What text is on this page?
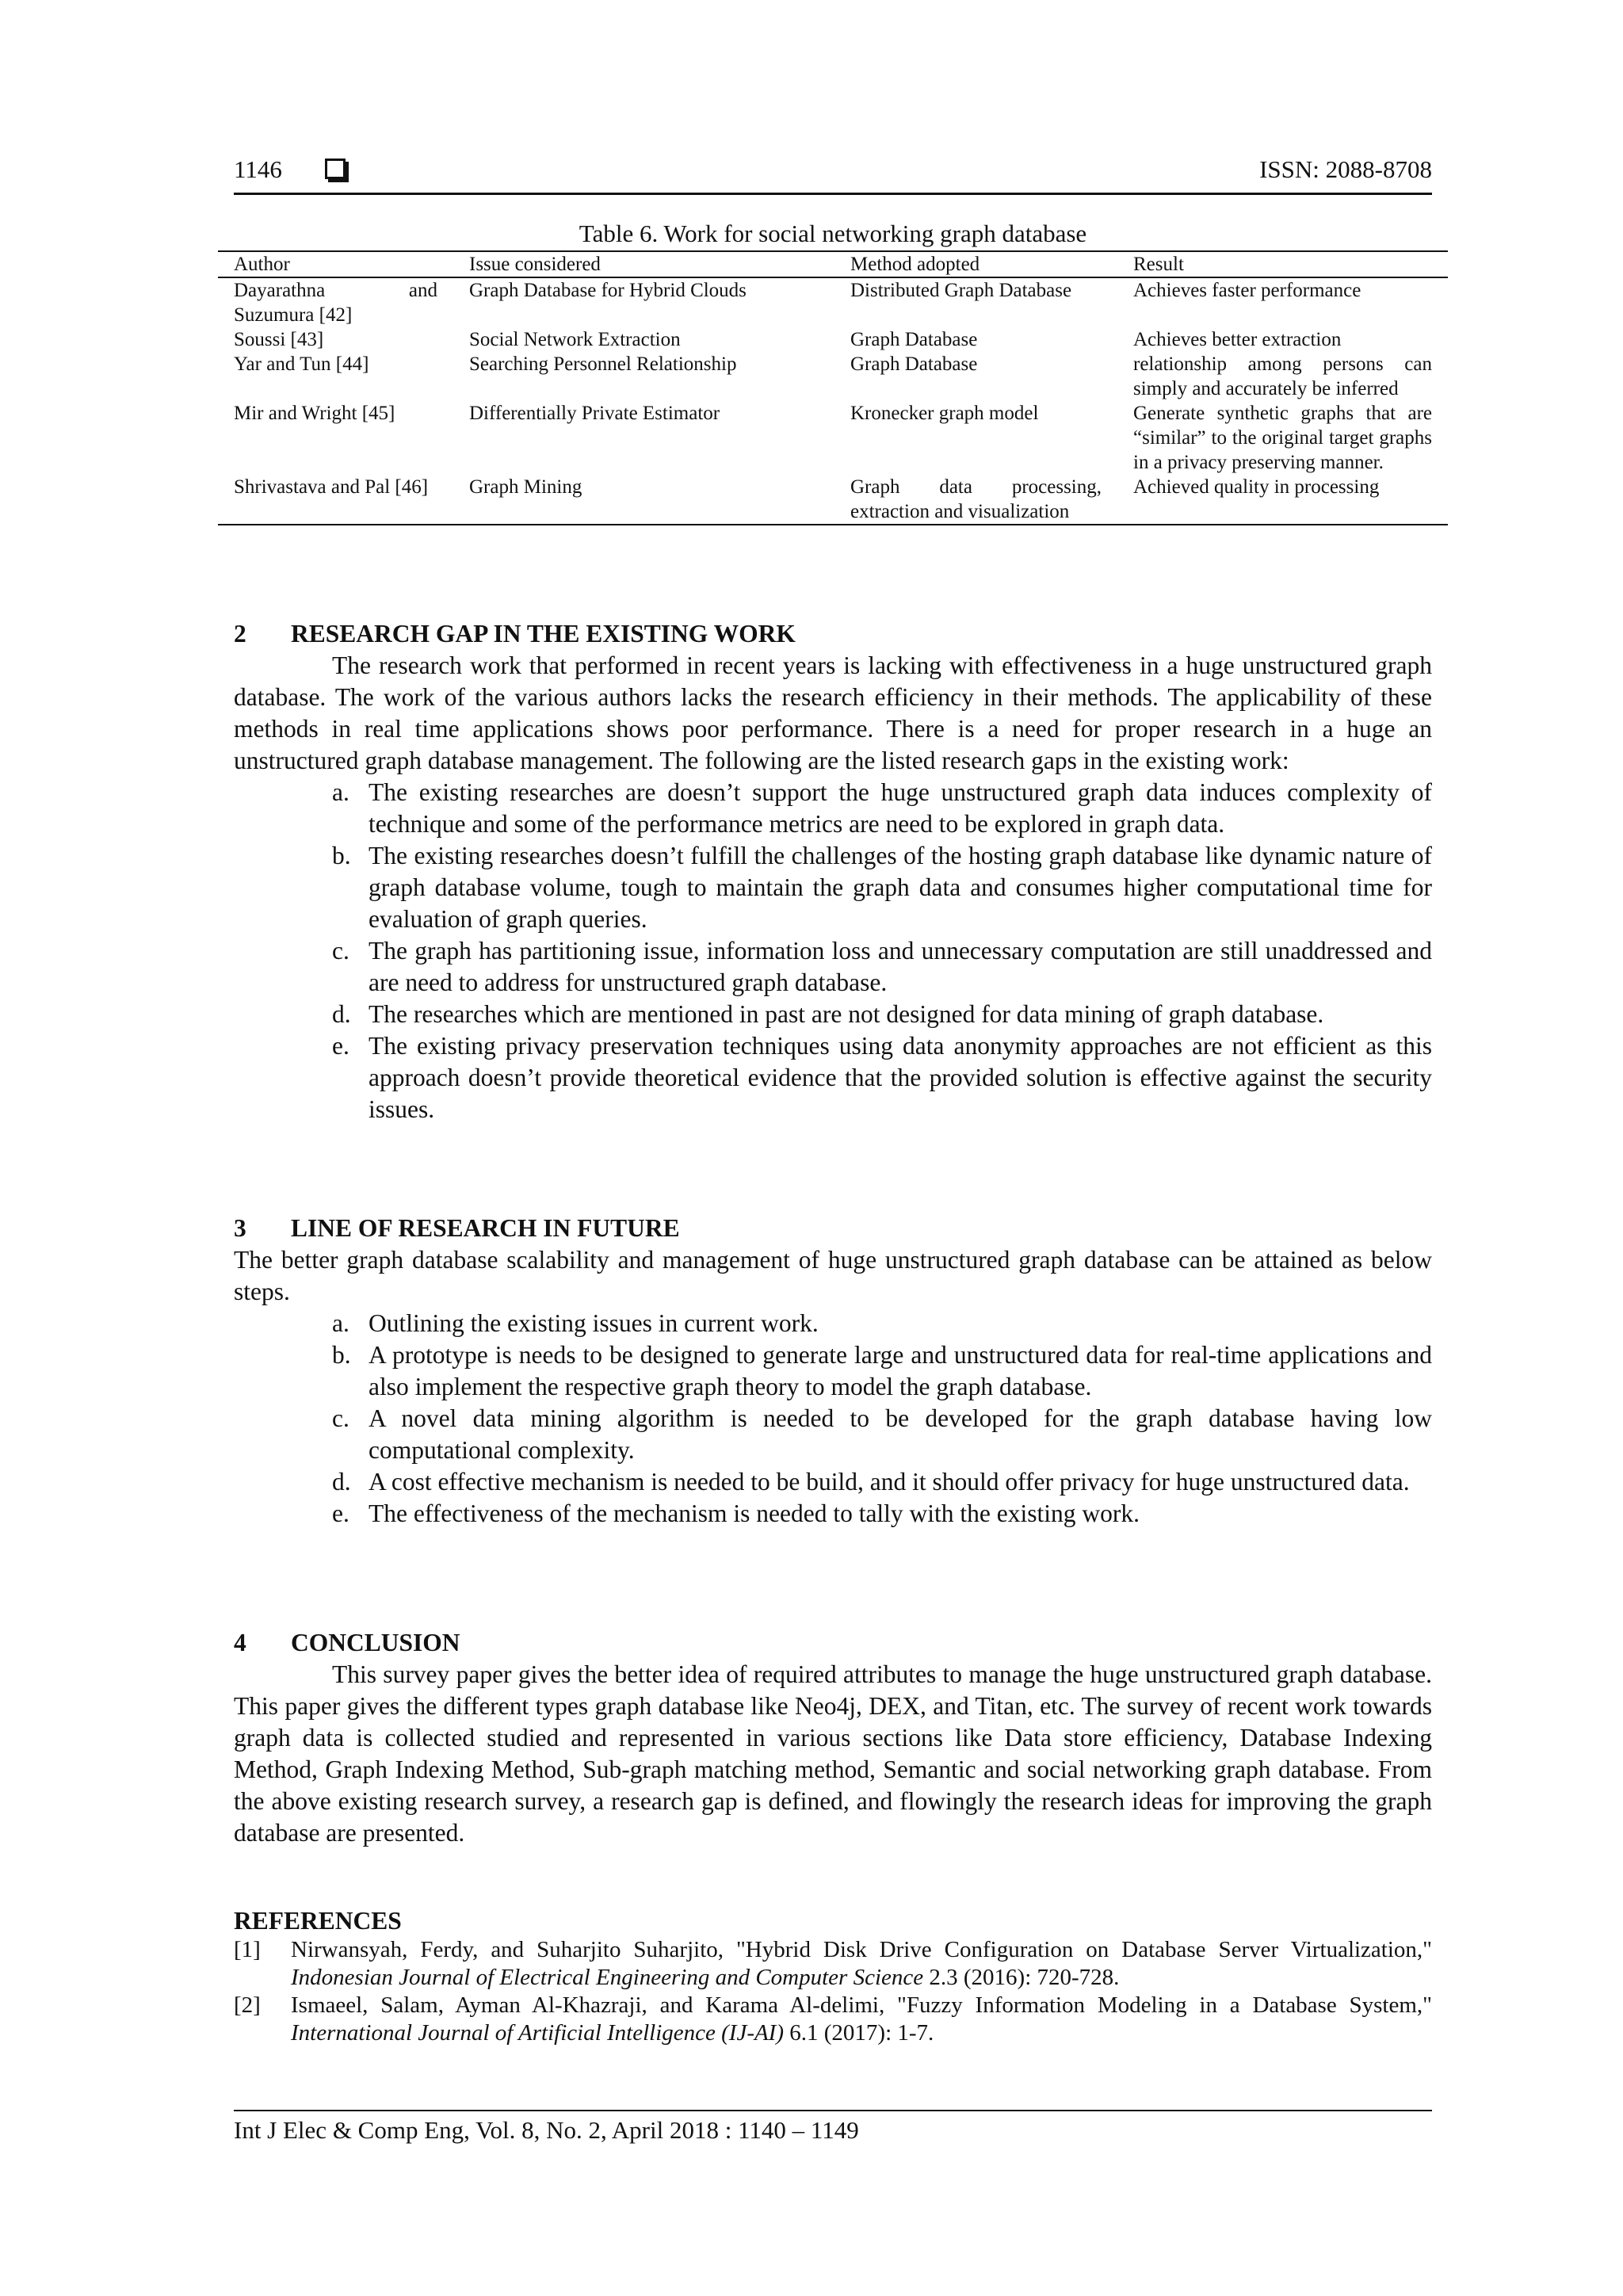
1146	ISSN: 2088-8708
Table 6. Work for social networking graph database
Author	Issue considered	Method adopted	Result
Dayarathna and Suzumura [42]	Graph Database for Hybrid Clouds	Distributed Graph Database	Achieves faster performance
Soussi [43]	Social Network Extraction	Graph Database	Achieves better extraction
Yar and Tun [44]	Searching Personnel Relationship	Graph Database	relationship among persons can simply and accurately be inferred
Mir and Wright [45]	Differentially Private Estimator	Kronecker graph model	Generate synthetic graphs that are “similar” to the original target graphs in a privacy preserving manner.
Shrivastava and Pal [46]	Graph Mining	Graph data processing, extraction and visualization	Achieved quality in processing
2 RESEARCH GAP IN THE EXISTING WORK

The research work that performed in recent years is lacking with effectiveness in a huge unstructured graph database. The work of the various authors lacks the research efficiency in their methods. The applicability of these methods in real time applications shows poor performance. There is a need for proper research in a huge an unstructured graph database management. The following are the listed research gaps in the existing work:

a. The existing researches are doesn’t support the huge unstructured graph data induces complexity of technique and some of the performance metrics are need to be explored in graph data.
b. The existing researches doesn’t fulfill the challenges of the hosting graph database like dynamic nature of graph database volume, tough to maintain the graph data and consumes higher computational time for evaluation of graph queries.
c. The graph has partitioning issue, information loss and unnecessary computation are still unaddressed and are need to address for unstructured graph database.
d. The researches which are mentioned in past are not designed for data mining of graph database.
e. The existing privacy preservation techniques using data anonymity approaches are not efficient as this approach doesn’t provide theoretical evidence that the provided solution is effective against the security issues.
3 LINE OF RESEARCH IN FUTURE

The better graph database scalability and management of huge unstructured graph database can be attained as below steps.

a. Outlining the existing issues in current work.
b. A prototype is needs to be designed to generate large and unstructured data for real-time applications and also implement the respective graph theory to model the graph database.
c. A novel data mining algorithm is needed to be developed for the graph database having low computational complexity.
d. A cost effective mechanism is needed to be build, and it should offer privacy for huge unstructured data.
e. The effectiveness of the mechanism is needed to tally with the existing work.
4 CONCLUSION

This survey paper gives the better idea of required attributes to manage the huge unstructured graph database. This paper gives the different types graph database like Neo4j, DEX, and Titan, etc. The survey of recent work towards graph data is collected studied and represented in various sections like Data store efficiency, Database Indexing Method, Graph Indexing Method, Sub-graph matching method, Semantic and social networking graph database. From the above existing research survey, a research gap is defined, and flowingly the research ideas for improving the graph database are presented.

REFERENCES
[1] Nirwansyah, Ferdy, and Suharjito Suharjito, "Hybrid Disk Drive Configuration on Database Server Virtualization," Indonesian Journal of Electrical Engineering and Computer Science 2.3 (2016): 720-728.
[2] Ismaeel, Salam, Ayman Al-Khazraji, and Karama Al-delimi, "Fuzzy Information Modeling in a Database System," International Journal of Artificial Intelligence (IJ-AI) 6.1 (2017): 1-7.
Int J Elec & Comp Eng, Vol. 8, No. 2, April 2018 : 1140 – 1149
